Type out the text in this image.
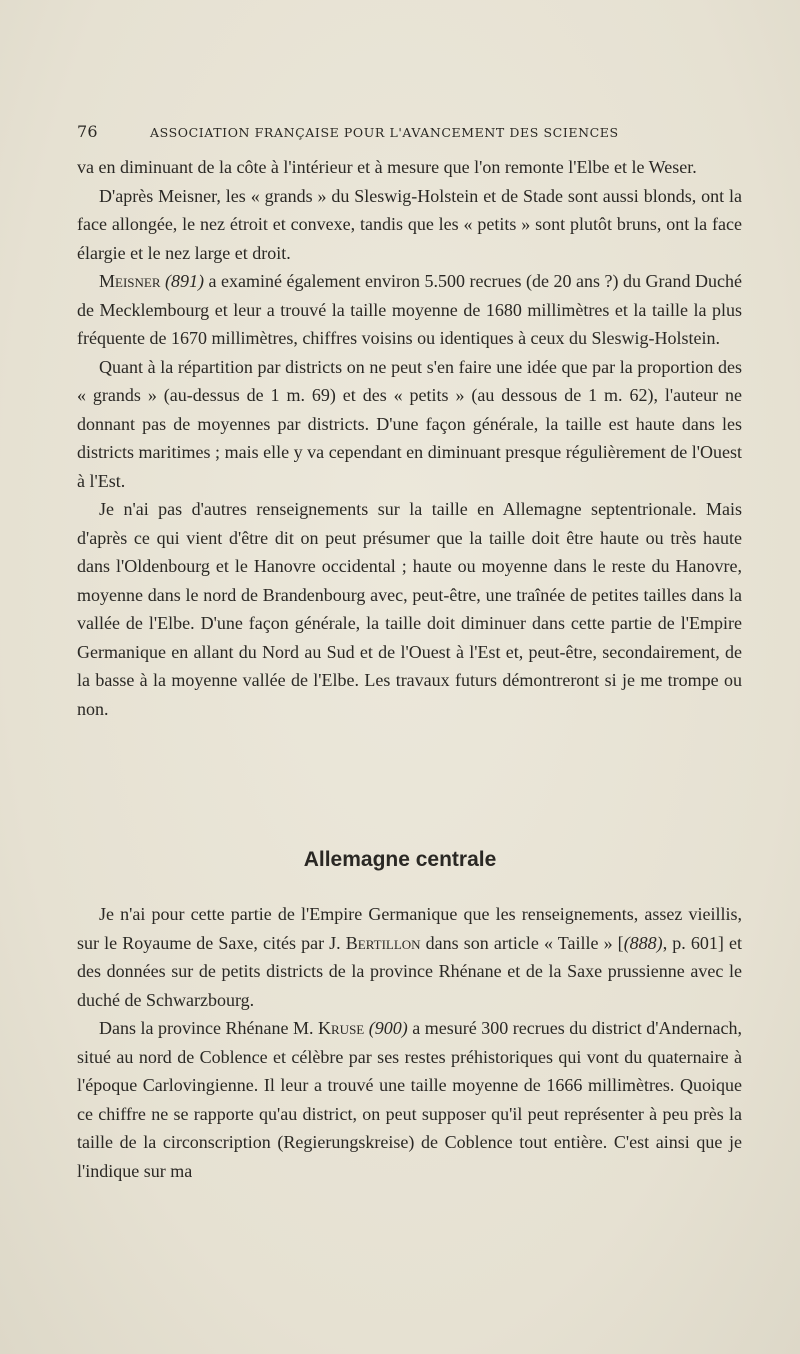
76	ASSOCIATION FRANÇAISE POUR L'AVANCEMENT DES SCIENCES

va en diminuant de la côte à l'intérieur et à mesure que l'on remonte l'Elbe et le Weser.

D'après Meisner, les « grands » du Sleswig-Holstein et de Stade sont aussi blonds, ont la face allongée, le nez étroit et convexe, tandis que les « petits » sont plutôt bruns, ont la face élargie et le nez large et droit.

Meisner (891) a examiné également environ 5.500 recrues (de 20 ans ?) du Grand Duché de Mecklembourg et leur a trouvé la taille moyenne de 1680 millimètres et la taille la plus fréquente de 1670 millimètres, chiffres voisins ou identiques à ceux du Sleswig-Holstein.

Quant à la répartition par districts on ne peut s'en faire une idée que par la proportion des « grands » (au-dessus de 1 m. 69) et des « petits » (au dessous de 1 m. 62), l'auteur ne donnant pas de moyennes par districts. D'une façon générale, la taille est haute dans les districts maritimes ; mais elle y va cependant en diminuant presque régulièrement de l'Ouest à l'Est.

Je n'ai pas d'autres renseignements sur la taille en Allemagne septentrionale. Mais d'après ce qui vient d'être dit on peut présumer que la taille doit être haute ou très haute dans l'Oldenbourg et le Hanovre occidental ; haute ou moyenne dans le reste du Hanovre, moyenne dans le nord de Brandenbourg avec, peut-être, une traînée de petites tailles dans la vallée de l'Elbe. D'une façon générale, la taille doit diminuer dans cette partie de l'Empire Germanique en allant du Nord au Sud et de l'Ouest à l'Est et, peut-être, secondairement, de la basse à la moyenne vallée de l'Elbe. Les travaux futurs démontreront si je me trompe ou non.

Allemagne centrale

Je n'ai pour cette partie de l'Empire Germanique que les renseignements, assez vieillis, sur le Royaume de Saxe, cités par J. Bertillon dans son article « Taille » [(888), p. 601] et des données sur de petits districts de la province Rhénane et de la Saxe prussienne avec le duché de Schwarzbourg.

Dans la province Rhénane M. Kruse (900) a mesuré 300 recrues du district d'Andernach, situé au nord de Coblence et célèbre par ses restes préhistoriques qui vont du quaternaire à l'époque Carlovingienne. Il leur a trouvé une taille moyenne de 1666 millimètres. Quoique ce chiffre ne se rapporte qu'au district, on peut supposer qu'il peut représenter à peu près la taille de la circonscription (Regierungskreise) de Coblence tout entière. C'est ainsi que je l'indique sur ma
